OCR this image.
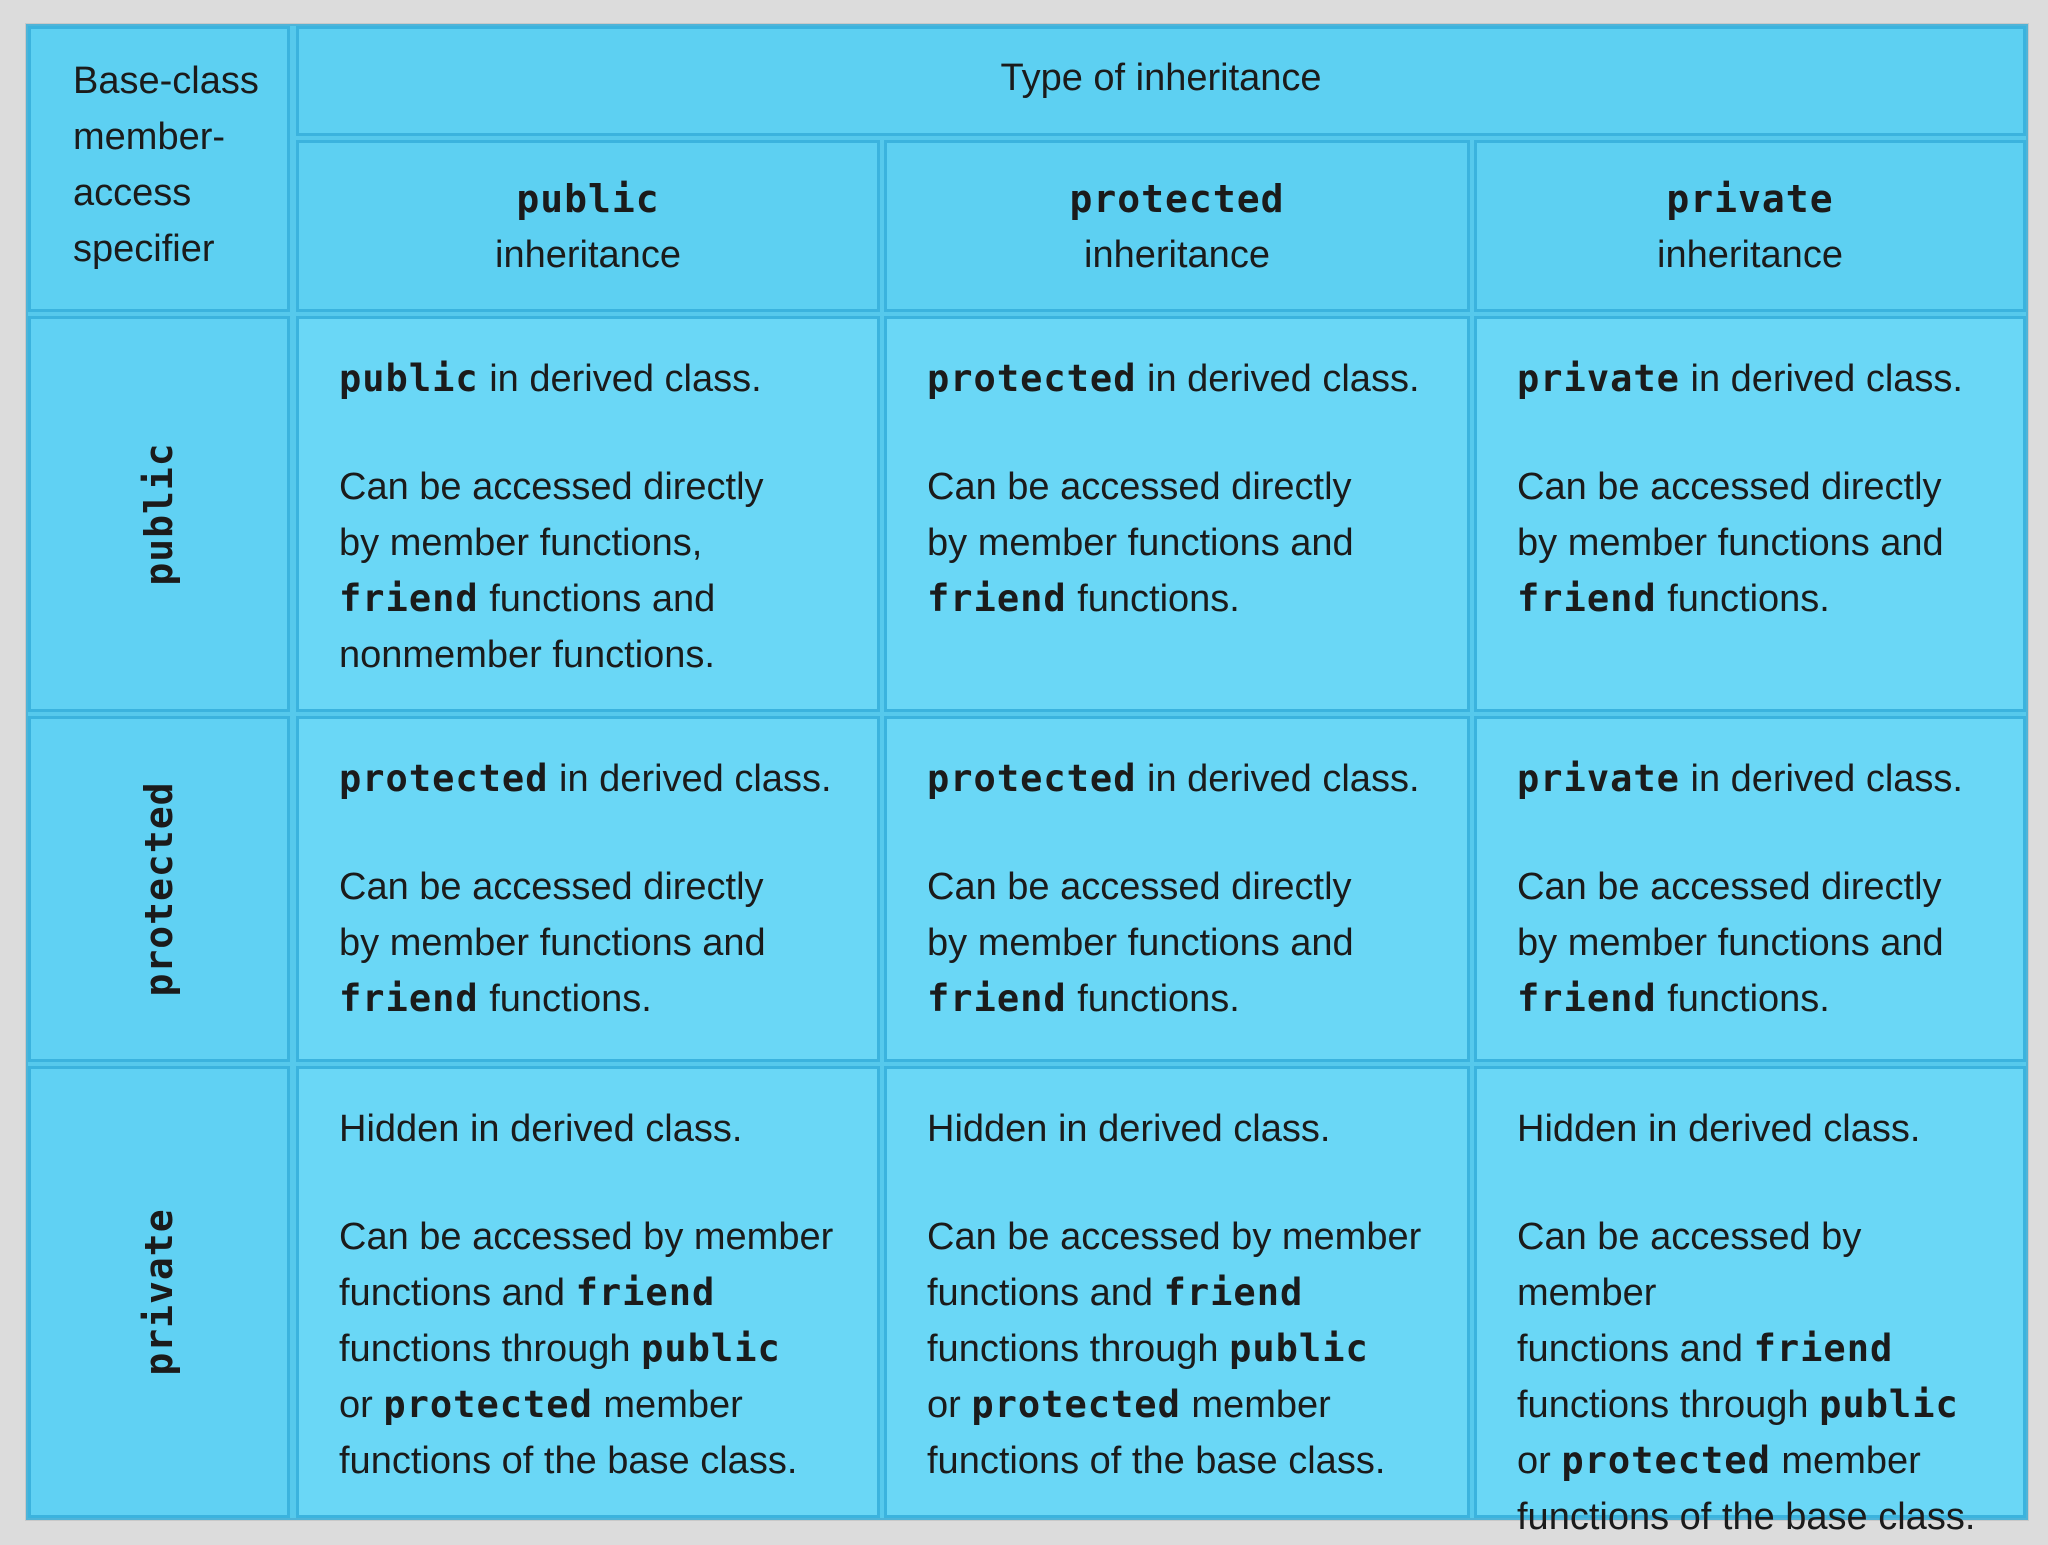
Base-class
member-
access
specifier
Type of inheritance
public
inheritance
protected
inheritance
private
inheritance
public
protected
private
public in derived class.
Can be accessed directly
by member functions,
friend functions and
nonmember functions.
protected in derived class.
Can be accessed directly
by member functions and
friend functions.
private in derived class.
Can be accessed directly
by member functions and
friend functions.
protected in derived class.
Can be accessed directly
by member functions and
friend functions.
protected in derived class.
Can be accessed directly
by member functions and
friend functions.
private in derived class.
Can be accessed directly
by member functions and
friend functions.
Hidden in derived class.
Can be accessed by member
functions and friend
functions through public
or protected member
functions of the base class.
Hidden in derived class.
Can be accessed by member
functions and friend
functions through public
or protected member
functions of the base class.
Hidden in derived class.
Can be accessed by member
functions and friend
functions through public
or protected member
functions of the base class.
